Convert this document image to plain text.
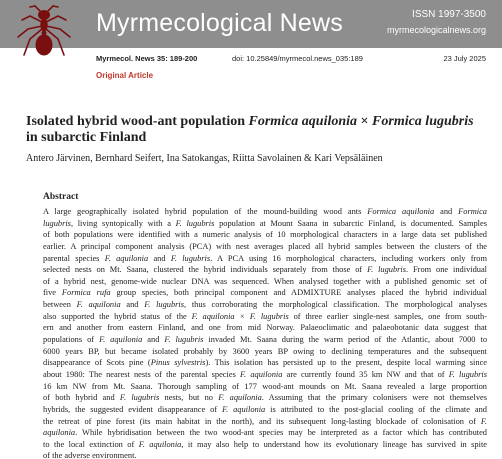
Myrmecological News	ISSN 1997-3500
myrmecologicalnews.org
Myrmecol. News 35: 189-200	doi: 10.25849/myrmecol.news_035:189	23 July 2025
Original Article
Isolated hybrid wood-ant population Formica aquilonia × Formica lugubris in subarctic Finland
Antero Järvinen, Bernhard Seifert, Ina Satokangas, Riitta Savolainen & Kari Vepsäläinen
Abstract
A large geographically isolated hybrid population of the mound-building wood ants Formica aquilonia and Formica
lugubris, living syntopically with a F. lugubris population at Mount Saana in subarctic Finland, is documented. Samples
of both populations were identified with a numeric analysis of 10 morphological characters in a large data set published
earlier. A principal component analysis (PCA) with nest averages placed all hybrid samples between the clusters of the
parental species F. aquilonia and F. lugubris. A PCA using 16 morphological characters, including workers only from
selected nests on Mt. Saana, clustered the hybrid individuals separately from those of F. lugubris. From one individual
of a hybrid nest, genome-wide nuclear DNA was sequenced. When analysed together with a published genomic set of
five Formica rufa group species, both principal component and ADMIXTURE analyses placed the hybrid individual
between F. aquilonia and F. lugubris, thus corroborating the morphological classification. The morphological analyses
also supported the hybrid status of the F. aquilonia × F. lugubris of three earlier single-nest samples, one from south-
ern and another from eastern Finland, and one from mid Norway. Palaeoclimatic and palaeobotanic data suggest that
populations of F. aquilonia and F. lugubris invaded Mt. Saana during the warm period of the Atlantic, about 7000 to
6000 years BP, but became isolated probably by 3600 years BP owing to declining temperatures and the subsequent
disappearance of Scots pine (Pinus sylvestris). This isolation has persisted up to the present, despite local warming since
about 1980: The nearest nests of the parental species F. aquilonia are currently found 35 km NW and that of F. lugubris
16 km NW from Mt. Saana. Thorough sampling of 177 wood-ant mounds on Mt. Saana revealed a large proportion
of both hybrid and F. lugubris nests, but no F. aquilonia. Assuming that the primary colonisers were not themselves
hybrids, the suggested evident disappearance of F. aquilonia is attributed to the post-glacial cooling of the climate and
the retreat of pine forest (its main habitat in the north), and its subsequent long-lasting blockade of colonisation of F.
aquilonia. While hybridisation between the two wood-ant species may be interpreted as a factor which has contributed
to the local extinction of F. aquilonia, it may also help to understand how its evolutionary lineage has survived in spite
of the adverse environment.
